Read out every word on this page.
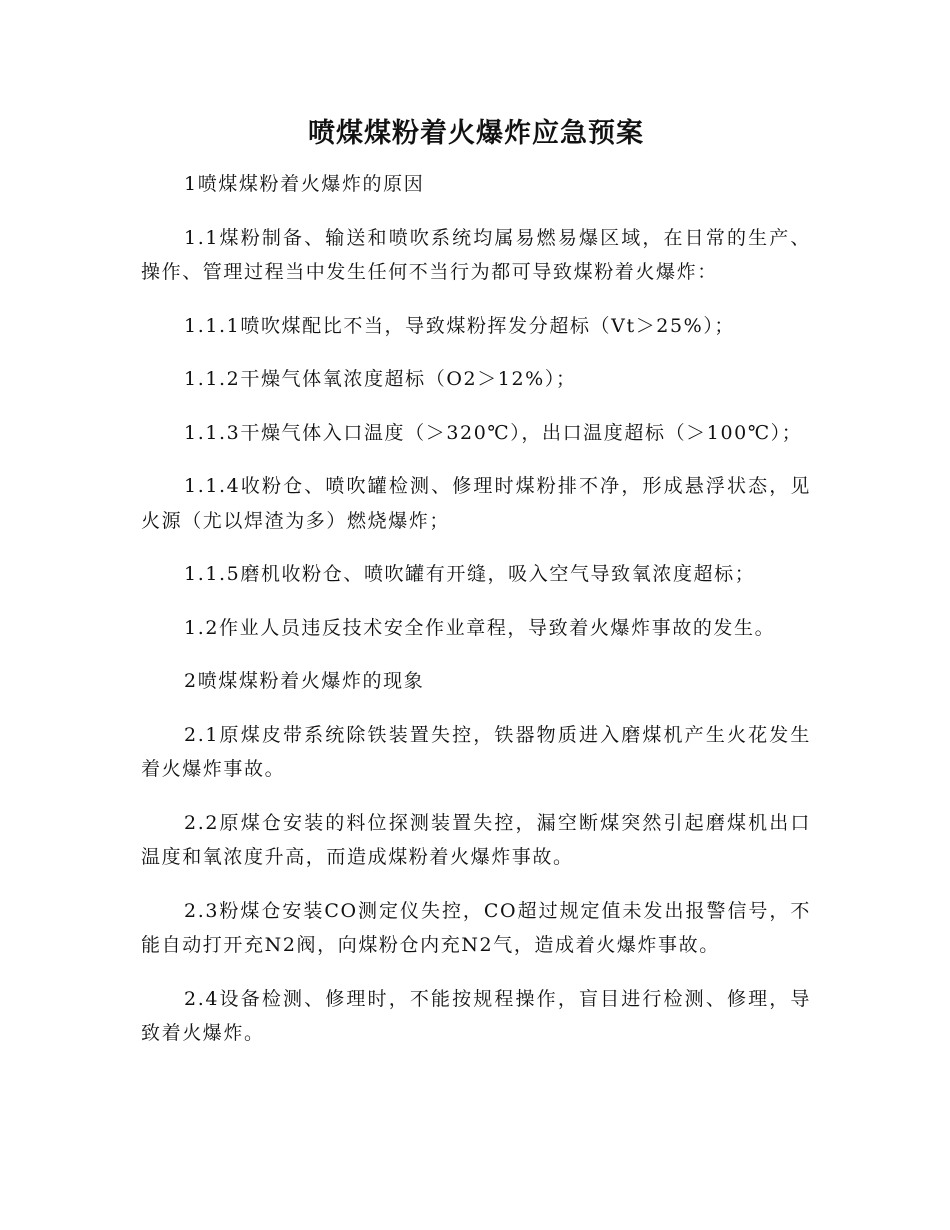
喷煤煤粉着火爆炸应急预案

1喷煤煤粉着火爆炸的原因

1.1煤粉制备、输送和喷吹系统均属易燃易爆区域，在日常的生产、操作、管理过程当中发生任何不当行为都可导致煤粉着火爆炸：

1.1.1喷吹煤配比不当，导致煤粉挥发分超标（Vt＞25%）；

1.1.2干燥气体氧浓度超标（O2＞12%）；

1.1.3干燥气体入口温度（＞320℃），出口温度超标（＞100℃）；

1.1.4收粉仓、喷吹罐检测、修理时煤粉排不净，形成悬浮状态，见火源（尤以焊渣为多）燃烧爆炸；

1.1.5磨机收粉仓、喷吹罐有开缝，吸入空气导致氧浓度超标；

1.2作业人员违反技术安全作业章程，导致着火爆炸事故的发生。

2喷煤煤粉着火爆炸的现象

2.1原煤皮带系统除铁装置失控，铁器物质进入磨煤机产生火花发生着火爆炸事故。

2.2原煤仓安装的料位探测装置失控，漏空断煤突然引起磨煤机出口温度和氧浓度升高，而造成煤粉着火爆炸事故。

2.3粉煤仓安装CO测定仪失控，CO超过规定值未发出报警信号，不能自动打开充N2阀，向煤粉仓内充N2气，造成着火爆炸事故。

2.4设备检测、修理时，不能按规程操作，盲目进行检测、修理，导致着火爆炸。
